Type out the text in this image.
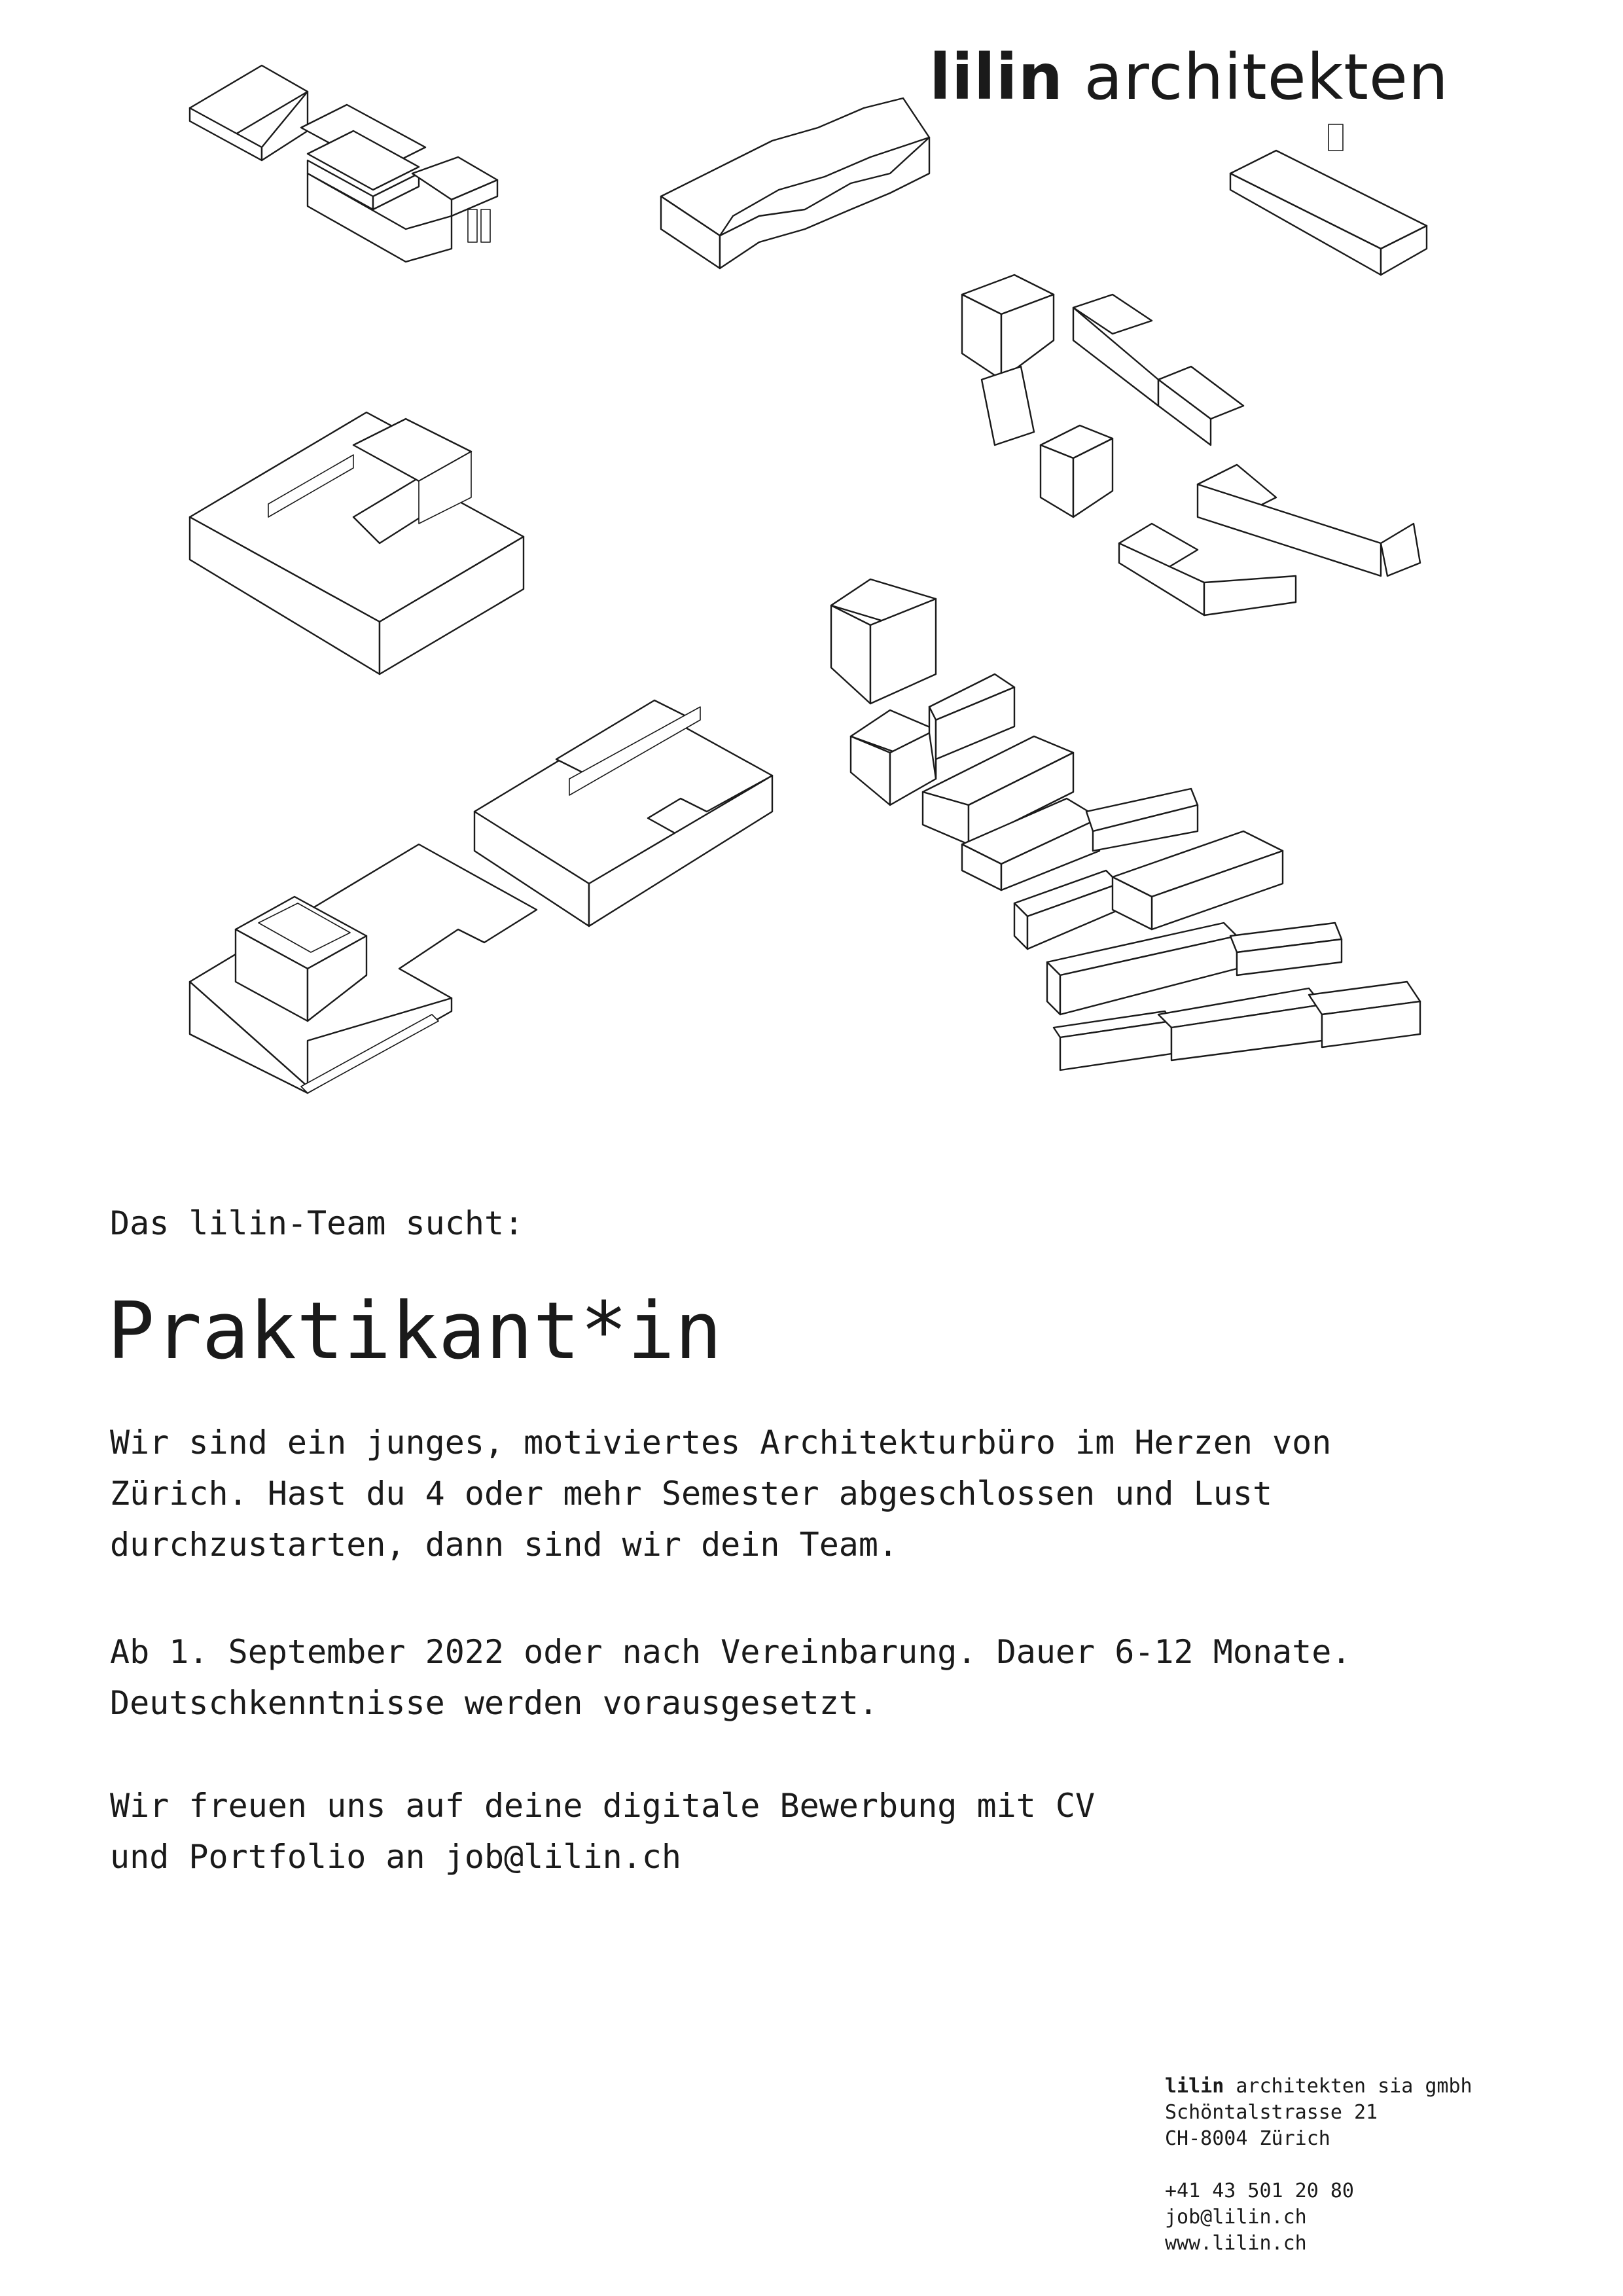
lilin architekten
Das lilin-Team sucht:
Praktikant*in
Wir sind ein junges, motiviertes Architekturbüro im Herzen von
Zürich. Hast du 4 oder mehr Semester abgeschlossen und Lust
durchzustarten, dann sind wir dein Team.
Ab 1. September 2022 oder nach Vereinbarung. Dauer 6-12 Monate.
Deutschkenntnisse werden vorausgesetzt.
Wir freuen uns auf deine digitale Bewerbung mit CV
und Portfolio an job@lilin.ch
lilin architekten sia gmbh
Schöntalstrasse 21
CH-8004 Zürich
+41 43 501 20 80
job@lilin.ch
www.lilin.ch
